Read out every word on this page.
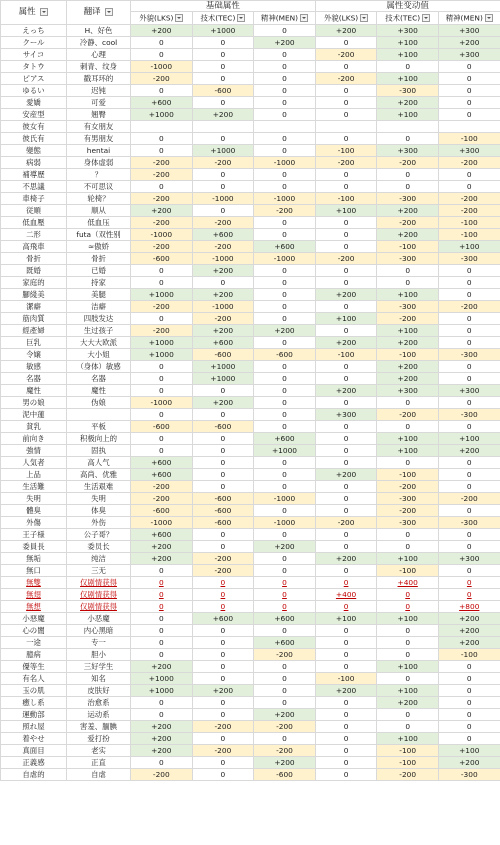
属性	翻译	基础属性			属性变动值		
		外貌(LKS)	技术(TEC)	精神(MEN)	外貌(LKS)	技术(TEC)	精神(MEN)
えっち	H、好色	+200	+1000	0	+200	+300	+300
クール	冷静、cool	0	0	+200	0	+100	+200
サイコ	心理	0	0	0	-200	+100	+300
タトウ	刺青、纹身	-1000	0	0	0	0	0
ピアス	戳耳环的	-200	0	0	-200	+100	0
ゆるい	迟钝	0	-600	0	0	-300	0
愛嬌	可爱	+600	0	0	0	+200	0
安産型	翘臀	+1000	+200	0	0	+100	0
彼女有	有女朋友						
彼氏有	有男朋友	0	0	0	0	0	-100
變態	hentai	0	+1000	0	-100	+300	+300
病弱	身体虚弱	-200	-200	-1000	-200	-200	-200
補導歷	？	-200	0	0	0	0	0
不思議	不可思议	0	0	0	0	0	0
車椅子	轮椅？	-200	-1000	-1000	-100	-300	-200
従順	顺从	+200	0	-200	+100	+200	-200
低血壓	低血压	-200	-200	0	0	-200	-100
二形	futa（双性别	-1000	+600	0	0	+200	-100
高飛車	≈傲娇	-200	-200	+600	0	-100	+100
骨折	骨折	-600	-1000	-1000	-200	-300	-300
既婚	已婚	0	+200	0	0	0	0
家庭的	持家	0	0	0	0	0	0
腳綫美	美腿	+1000	+200	0	+200	+100	0
潔癖	洁癖	-200	-1000	0	0	-300	-200
筋肉質	四肢发达	0	-200	0	+100	-200	0
經產婦	生过孩子	-200	+200	+200	0	+100	0
巨乳	大大大欧派	+1000	+600	0	+200	+200	0
令嬢	大小姐	+1000	-600	-600	-100	-100	-300
敏感	（身体）敏感	0	+1000	0	0	+200	0
名器	名器	0	+1000	0	0	+200	0
魔性	魔性	0	0	0	+200	+300	+300
男の娘	伪娘	-1000	+200	0	0	0	0
泥中蓮		0	0	0	+300	-200	-300
貧乳	平板	-600	-600	0	0	0	0
前向き	积极向上的	0	0	+600	0	+100	+100
強情	固执	0	0	+1000	0	+100	+200
人気者	高人气	+600	0	0	0	0	0
上品	高尚、优雅	+600	0	0	+200	-100	0
生活難	生活艰难	-200	0	0	0	-200	0
失明	失明	-200	-600	-1000	0	-300	-200
體臭	体臭	-600	-600	0	0	-200	0
外傷	外伤	-1000	-600	-1000	-200	-300	-300
王子様	公子哥？	+600	0	0	0	0	0
委員長	委员长	+200	0	+200	0	0	0
無垢	纯洁	+200	-200	0	+200	+100	+300
無口	三无	0	-200	0	0	-100	0
無雙	仅剧情获得	0	0	0	0	+400	0
無翅	仅剧情获得	0	0	0	+400	0	0
無想	仅剧情获得	0	0	0	0	0	+800
小惡魔	小恶魔	0	+600	+600	+100	+100	+200
心の闇	内心黑暗	0	0	0	0	0	+200
一途	专一	0	0	+600	0	0	+200
臆病	胆小	0	0	-200	0	0	-100
優等生	三好学生	+200	0	0	0	+100	0
有名人	知名	+1000	0	0	-100	0	0
玉の肌	皮肤好	+1000	+200	0	+200	+100	0
癒し系	治愈系	0	0	0	0	+200	0
運動部	运动系	0	0	+200	0	0	0
照れ屋	害羞、腼腆	+200	-200	-200	0	0	0
着やせ	爱打扮	+200	0	0	0	+100	0
真面目	老实	+200	-200	-200	0	-100	+100
正義感	正直	0	0	+200	0	-100	+200
自虐的	自虐	-200	0	-600	0	-200	-300
